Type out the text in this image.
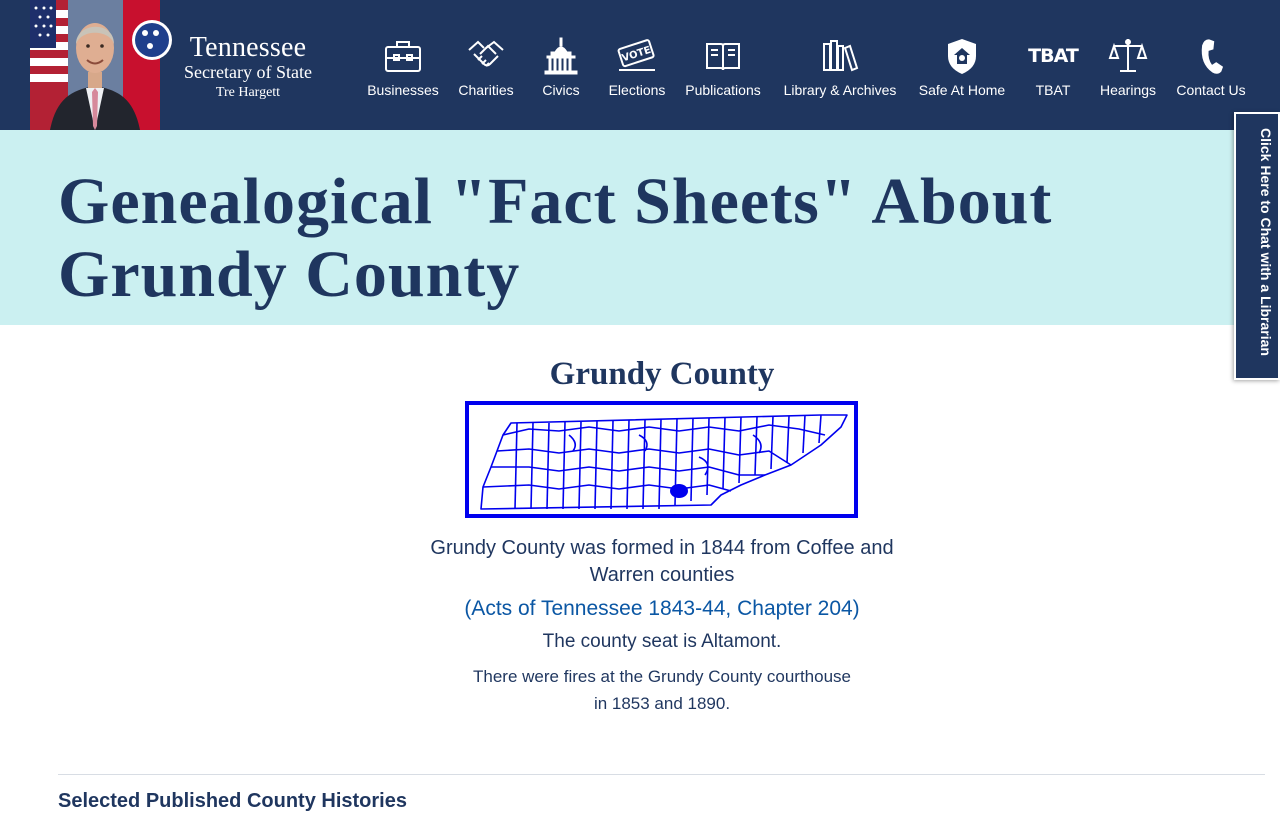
Tennessee
Secretary of State
Tre Hargett	Businesses	Charities	Civics
VOTE
Elections	Publications	Library & Archives	Safe At Home
TBAT
TBAT	Hearings	Contact Us
Genealogical "Fact Sheets" About Grundy County	Click Here to Chat with a Librarian
Grundy County

Grundy County was formed in 1844 from Coffee and Warren counties

(Acts of Tennessee 1843-44, Chapter 204)

The county seat is Altamont.

There were fires at the Grundy County courthouse in 1853 and 1890.

Selected Published County Histories
